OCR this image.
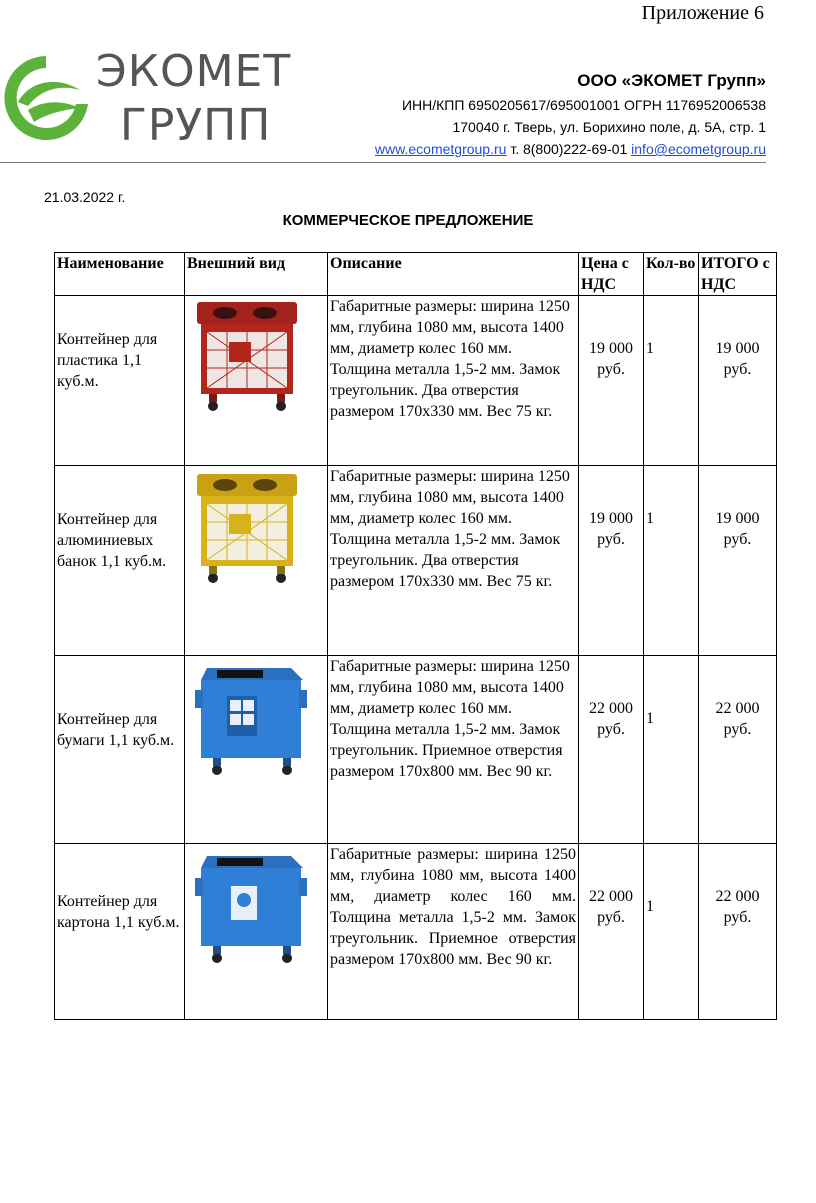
Приложение 6
ЭКОМЕТ
ГРУПП
ООО «ЭКОМЕТ Групп»
ИНН/КПП 6950205617/695001001 ОГРН 1176952006538
170040 г. Тверь, ул. Борихино поле, д. 5А, стр. 1
www.ecometgroup.ru т. 8(800)222-69-01 info@ecometgroup.ru
21.03.2022 г.
КОММЕРЧЕСКОЕ ПРЕДЛОЖЕНИЕ
Наименование	Внешний вид	Описание	Цена с НДС	Кол-во	ИТОГО с НДС

Контейнер для пластика 1,1 куб.м.		Габаритные размеры: ширина 1250 мм, глубина 1080 мм, высота 1400 мм, диаметр колес 160 мм. Толщина металла 1,5-2 мм. Замок треугольник. Два отверстия размером 170х330 мм. Вес 75 кг.	19 000 руб.	1	19 000 руб.

Контейнер для алюминиевых банок 1,1 куб.м.		Габаритные размеры: ширина 1250 мм, глубина 1080 мм, высота 1400 мм, диаметр колес 160 мм. Толщина металла 1,5-2 мм. Замок треугольник. Два отверстия размером 170х330 мм. Вес 75 кг.	19 000 руб.	1	19 000 руб.

Контейнер для бумаги 1,1 куб.м.		Габаритные размеры: ширина 1250 мм, глубина 1080 мм, высота 1400 мм, диаметр колес 160 мм. Толщина металла 1,5-2 мм. Замок треугольник. Приемное отверстия размером 170х800 мм. Вес 90 кг.	22 000 руб.	1	22 000 руб.

Контейнер для картона 1,1 куб.м.		Габаритные размеры: ширина 1250 мм, глубина 1080 мм, высота 1400 мм, диаметр колес 160 мм. Толщина металла 1,5-2 мм. Замок треугольник. Приемное отверстия размером 170х800 мм. Вес 90 кг.	22 000 руб.	1	22 000 руб.
